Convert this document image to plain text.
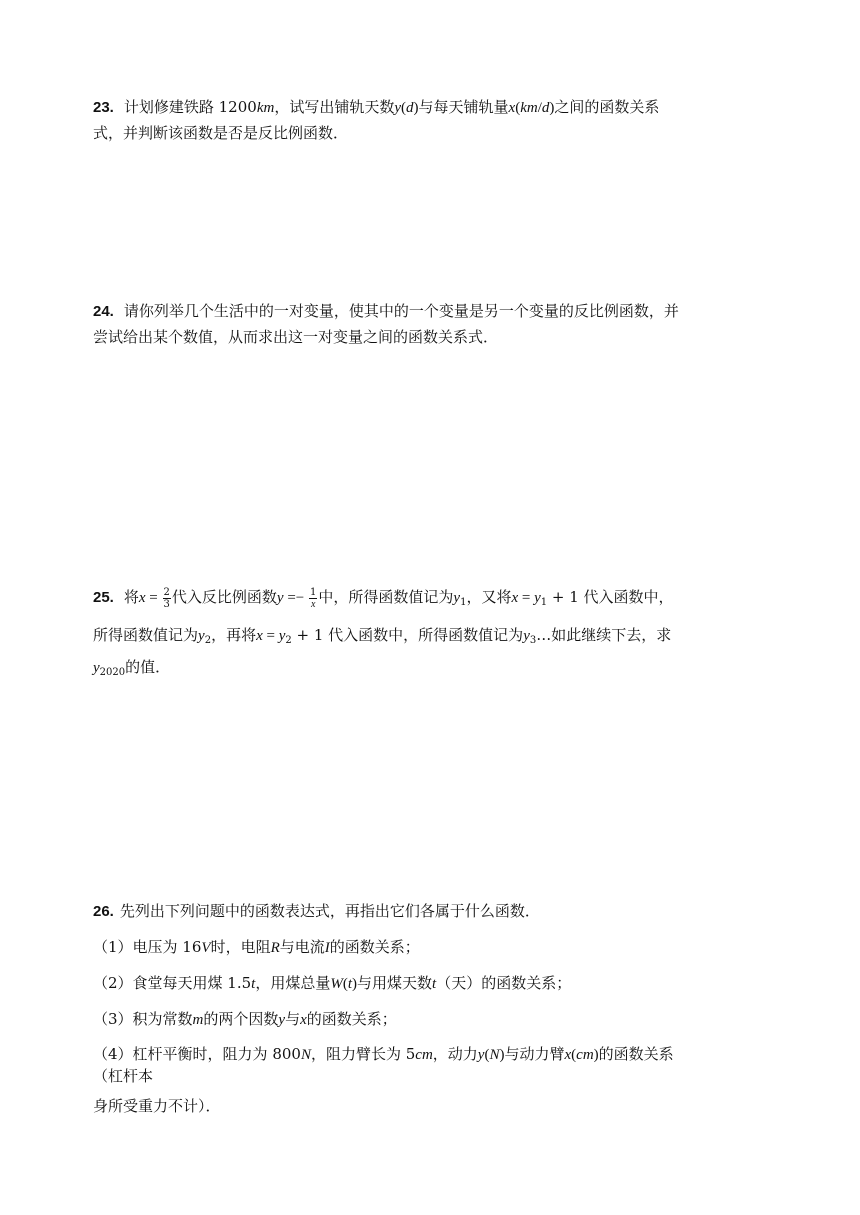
23. 计划修建铁路 1200km，试写出铺轨天数y(d)与每天铺轨量x(km/d)之间的函数关系
式，并判断该函数是否是反比例函数．
24. 请你列举几个生活中的一对变量，使其中的一个变量是另一个变量的反比例函数，并
尝试给出某个数值，从而求出这一对变量之间的函数关系式．
25. 将$x = \frac{2}{3}$ 代入反比例函数$y =- \frac{1}{x}$ 中，所得函数值记为$y_1$，又将$x = y_1 + 1$ 代入函数中，
所得函数值记为$y_2$，再将$x = y_2 + 1$ 代入函数中，所得函数值记为$y_3\dots$如此继续下去，求
$y_{2020}$的值．
26. 先列出下列问题中的函数表达式，再指出它们各属于什么函数．
（1）电压为 16V时，电阻R与电流I的函数关系；
（2）食堂每天用煤 1.5t，用煤总量W(t)与用煤天数t（天）的函数关系；
（3）积为常数m的两个因数y与x的函数关系；
（4）杠杆平衡时，阻力为 800N，阻力臂长为 5cm，动力y(N)与动力臂x(cm)的函数关系
（杠杆本
身所受重力不计）．
